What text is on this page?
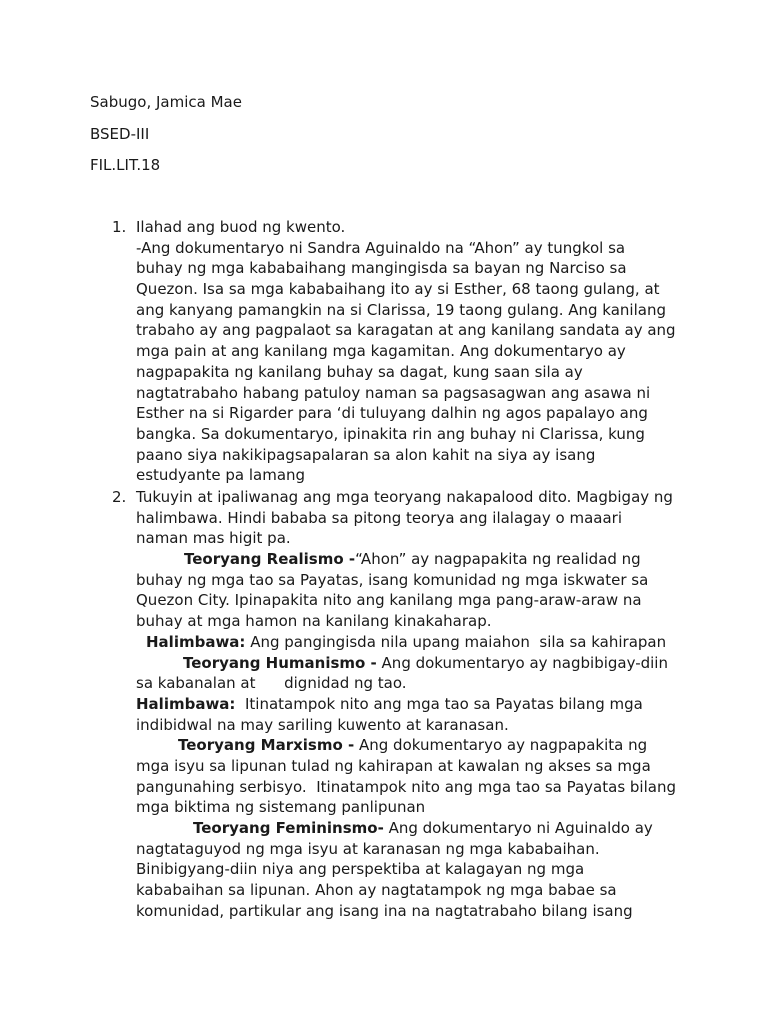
Sabugo, Jamica Mae

BSED-III

FIL.LIT.18

1. Ilahad ang buod ng kwento.
-Ang dokumentaryo ni Sandra Aguinaldo na “Ahon” ay tungkol sa
buhay ng mga kababaihang mangingisda sa bayan ng Narciso sa
Quezon. Isa sa mga kababaihang ito ay si Esther, 68 taong gulang, at
ang kanyang pamangkin na si Clarissa, 19 taong gulang. Ang kanilang
trabaho ay ang pagpalaot sa karagatan at ang kanilang sandata ay ang
mga pain at ang kanilang mga kagamitan. Ang dokumentaryo ay
nagpapakita ng kanilang buhay sa dagat, kung saan sila ay
nagtatrabaho habang patuloy naman sa pagsasagwan ang asawa ni
Esther na si Rigarder para ‘di tuluyang dalhin ng agos papalayo ang
bangka. Sa dokumentaryo, ipinakita rin ang buhay ni Clarissa, kung
paano siya nakikipagsapalaran sa alon kahit na siya ay isang
estudyante pa lamang
2. Tukuyin at ipaliwanag ang mga teoryang nakapalood dito. Magbigay ng
halimbawa. Hindi bababa sa pitong teorya ang ilalagay o maaari
naman mas higit pa.
Teoryang Realismo -“Ahon” ay nagpapakita ng realidad ng
buhay ng mga tao sa Payatas, isang komunidad ng mga iskwater sa
Quezon City. Ipinapakita nito ang kanilang mga pang-araw-araw na
buhay at mga hamon na kanilang kinakaharap.
Halimbawa: Ang pangingisda nila upang maiahon  sila sa kahirapan
Teoryang Humanismo - Ang dokumentaryo ay nagbibigay-diin
sa kabanalan at      dignidad ng tao.
Halimbawa:  Itinatampok nito ang mga tao sa Payatas bilang mga
indibidwal na may sariling kuwento at karanasan.
Teoryang Marxismo - Ang dokumentaryo ay nagpapakita ng
mga isyu sa lipunan tulad ng kahirapan at kawalan ng akses sa mga
pangunahing serbisyo.  Itinatampok nito ang mga tao sa Payatas bilang
mga biktima ng sistemang panlipunan
Teoryang Femininsmo- Ang dokumentaryo ni Aguinaldo ay
nagtataguyod ng mga isyu at karanasan ng mga kababaihan.
Binibigyang-diin niya ang perspektiba at kalagayan ng mga
kababaihan sa lipunan. Ahon ay nagtatampok ng mga babae sa
komunidad, partikular ang isang ina na nagtatrabaho bilang isang
